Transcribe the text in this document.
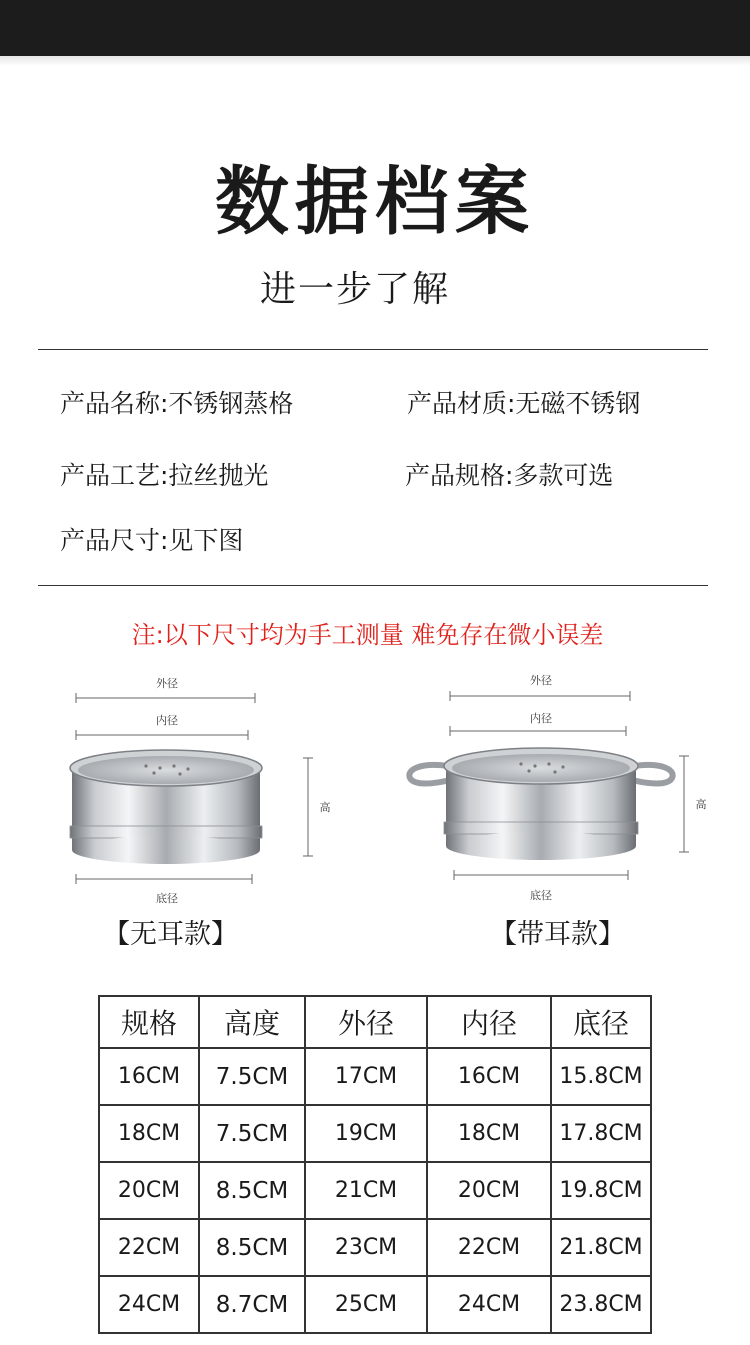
数据档案
进一步了解
产品名称:不锈钢蒸格	产品材质:无磁不锈钢
产品工艺:拉丝抛光	产品规格:多款可选
产品尺寸:见下图
注:以下尺寸均为手工测量 难免存在微小误差
外径
内径
高
底径
【无耳款】
外径
内径
高
底径
【带耳款】
规格	高度	外径	内径	底径
16CM	7.5CM	17CM	16CM	15.8CM
18CM	7.5CM	19CM	18CM	17.8CM
20CM	8.5CM	21CM	20CM	19.8CM
22CM	8.5CM	23CM	22CM	21.8CM
24CM	8.7CM	25CM	24CM	23.8CM
